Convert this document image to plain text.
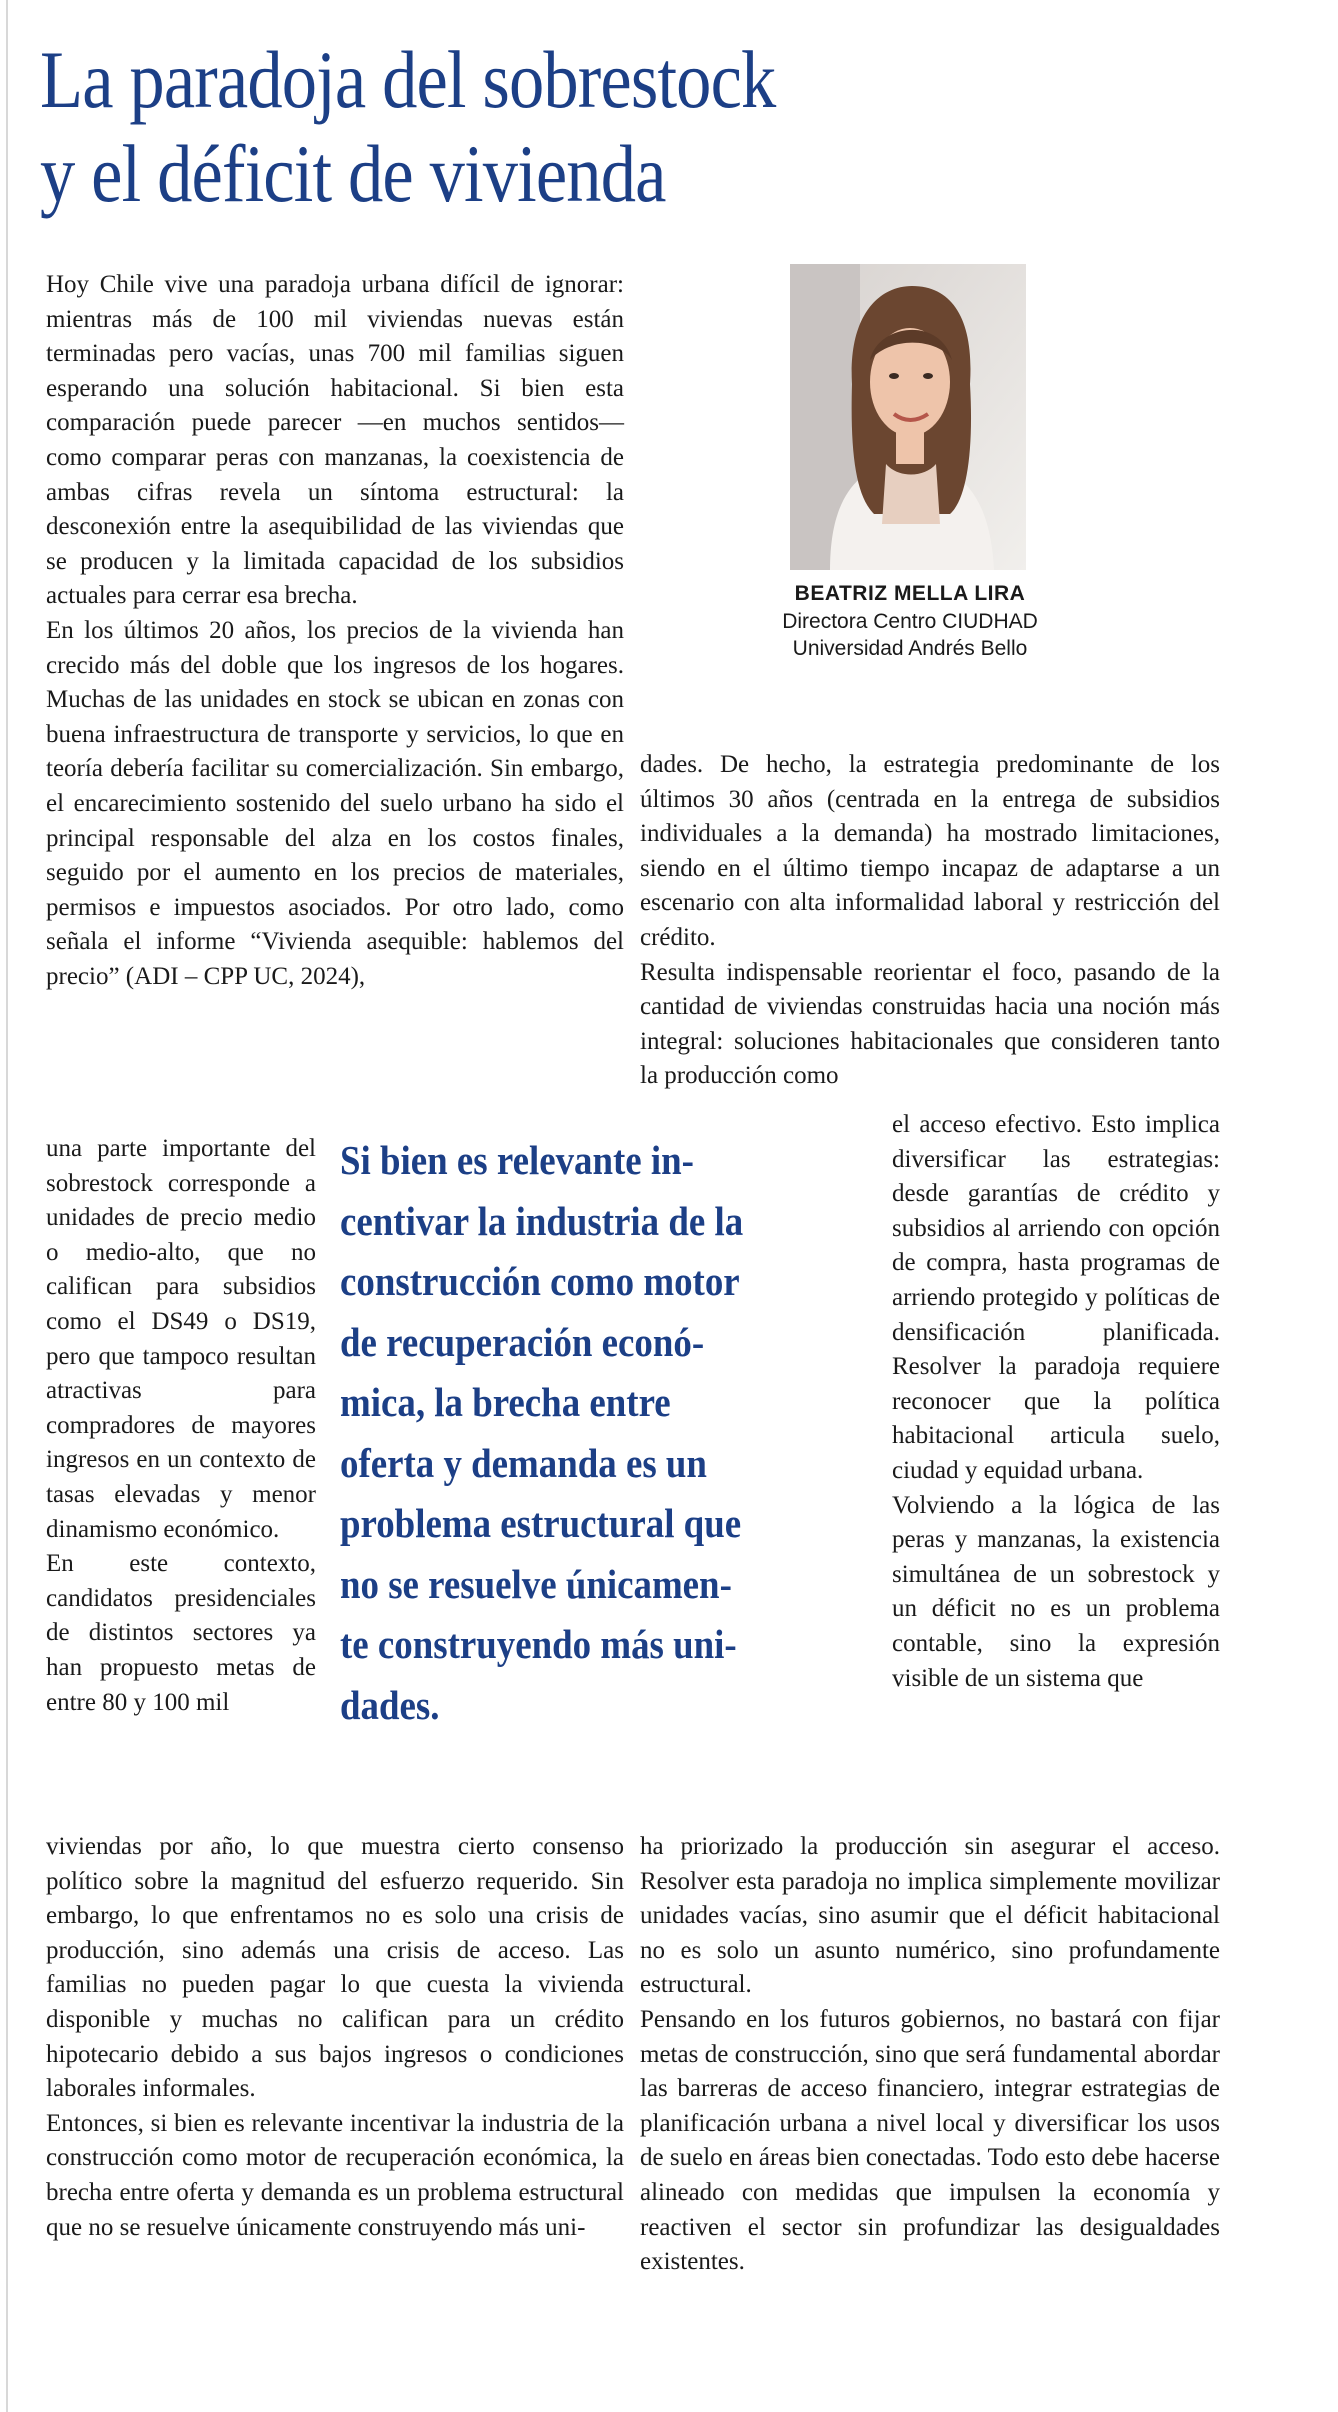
La paradoja del sobrestock
y el déficit de vivienda

Hoy Chile vive una paradoja urbana difícil de ignorar: mientras más de 100 mil viviendas nuevas están terminadas pero vacías, unas 700 mil familias siguen esperando una solución habitacional. Si bien esta comparación puede parecer —en muchos sentidos— como comparar peras con manzanas, la coexistencia de ambas cifras revela un síntoma estructural: la desconexión entre la asequibilidad de las viviendas que se producen y la limitada capacidad de los subsidios actuales para cerrar esa brecha.

En los últimos 20 años, los precios de la vivienda han crecido más del doble que los ingresos de los hogares. Muchas de las unidades en stock se ubican en zonas con buena infraestructura de transporte y servicios, lo que en teoría debería facilitar su comercialización. Sin embargo, el encarecimiento sostenido del suelo urbano ha sido el principal responsable del alza en los costos finales, seguido por el aumento en los precios de materiales, permisos e impuestos asociados. Por otro lado, como señala el informe “Vivienda asequible: hablemos del precio” (ADI – CPP UC, 2024),

BEATRIZ MELLA LIRA
Directora Centro CIUDHAD
Universidad Andrés Bello

dades. De hecho, la estrategia predominante de los últimos 30 años (centrada en la entrega de subsidios individuales a la demanda) ha mostrado limitaciones, siendo en el último tiempo incapaz de adaptarse a un escenario con alta informalidad laboral y restricción del crédito.

Resulta indispensable reorientar el foco, pasando de la cantidad de viviendas construidas hacia una noción más integral: soluciones habitacionales que consideren tanto la producción como

una parte importante del sobrestock corresponde a unidades de precio medio o medio-alto, que no califican para subsidios como el DS49 o DS19, pero que tampoco resultan atractivas para compradores de mayores ingresos en un contexto de tasas elevadas y menor dinamismo económico.

En este contexto, candidatos presidenciales de distintos sectores ya han propuesto metas de entre 80 y 100 mil

Si bien es relevante in-
centivar la industria de la
construcción como motor
de recuperación econó-
mica, la brecha entre
oferta y demanda es un
problema estructural que
no se resuelve únicamen-
te construyendo más uni-
dades.

el acceso efectivo. Esto implica diversificar las estrategias: desde garantías de crédito y subsidios al arriendo con opción de compra, hasta programas de arriendo protegido y políticas de densificación planificada. Resolver la paradoja requiere reconocer que la política habitacional articula suelo, ciudad y equidad urbana.

Volviendo a la lógica de las peras y manzanas, la existencia simultánea de un sobrestock y un déficit no es un problema contable, sino la expresión visible de un sistema que

viviendas por año, lo que muestra cierto consenso político sobre la magnitud del esfuerzo requerido. Sin embargo, lo que enfrentamos no es solo una crisis de producción, sino además una crisis de acceso. Las familias no pueden pagar lo que cuesta la vivienda disponible y muchas no califican para un crédito hipotecario debido a sus bajos ingresos o condiciones laborales informales.

Entonces, si bien es relevante incentivar la industria de la construcción como motor de recuperación económica, la brecha entre oferta y demanda es un problema estructural que no se resuelve únicamente construyendo más uni-

ha priorizado la producción sin asegurar el acceso. Resolver esta paradoja no implica simplemente movilizar unidades vacías, sino asumir que el déficit habitacional no es solo un asunto numérico, sino profundamente estructural.

Pensando en los futuros gobiernos, no bastará con fijar metas de construcción, sino que será fundamental abordar las barreras de acceso financiero, integrar estrategias de planificación urbana a nivel local y diversificar los usos de suelo en áreas bien conectadas. Todo esto debe hacerse alineado con medidas que impulsen la economía y reactiven el sector sin profundizar las desigualdades existentes.
